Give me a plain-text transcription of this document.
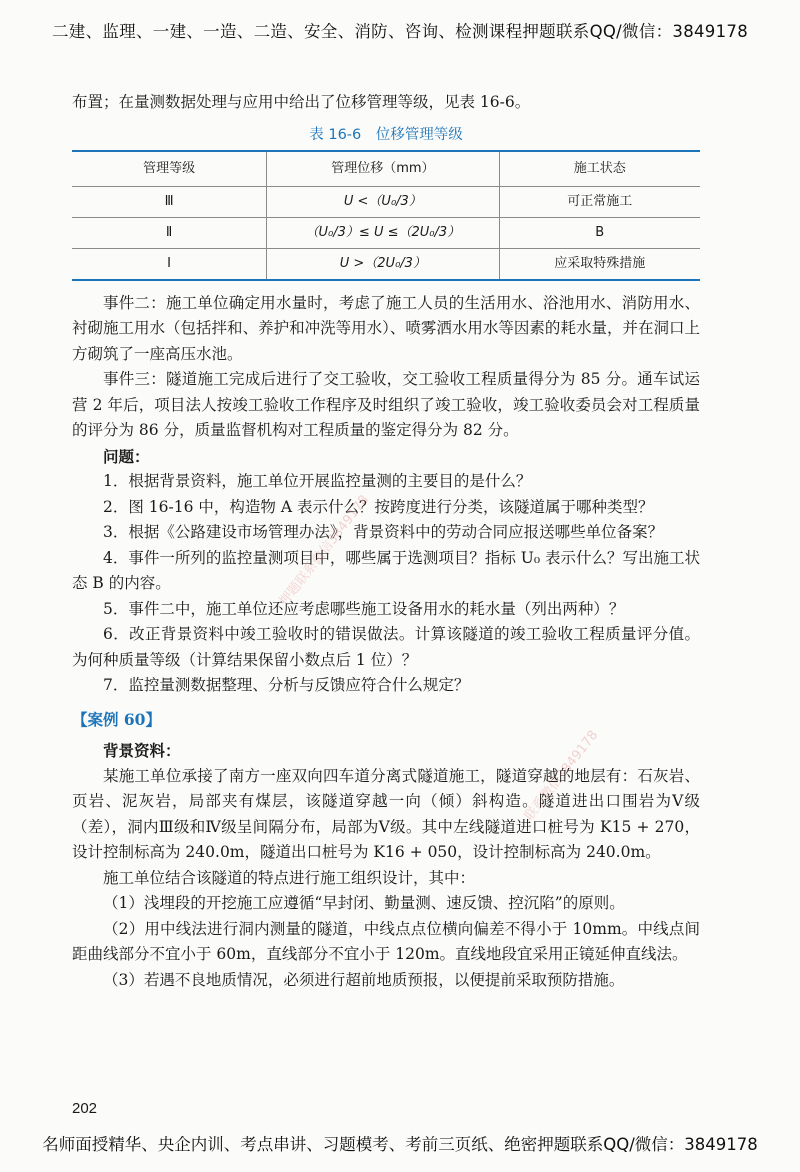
二建、监理、一建、一造、二造、安全、消防、咨询、检测课程押题联系QQ/微信：3849178

布置；在量测数据处理与应用中给出了位移管理等级，见表 16-6。

表 16-6　位移管理等级
管理等级	管理位移（mm）	施工状态
Ⅲ	U <（U₀/3）	可正常施工
Ⅱ	（U₀/3）≤ U ≤（2U₀/3）	B
Ⅰ	U >（2U₀/3）	应采取特殊措施

事件二：施工单位确定用水量时，考虑了施工人员的生活用水、浴池用水、消防用水、衬砌施工用水（包括拌和、养护和冲洗等用水）、喷雾洒水用水等因素的耗水量，并在洞口上方砌筑了一座高压水池。

事件三：隧道施工完成后进行了交工验收，交工验收工程质量得分为 85 分。通车试运营 2 年后，项目法人按竣工验收工作程序及时组织了竣工验收，竣工验收委员会对工程质量的评分为 86 分，质量监督机构对工程质量的鉴定得分为 82 分。

问题：

1．根据背景资料，施工单位开展监控量测的主要目的是什么？

2．图 16-16 中，构造物 A 表示什么？按跨度进行分类，该隧道属于哪种类型？

3．根据《公路建设市场管理办法》，背景资料中的劳动合同应报送哪些单位备案？

4．事件一所列的监控量测项目中，哪些属于选测项目？指标 U₀ 表示什么？写出施工状态 B 的内容。

5．事件二中，施工单位还应考虑哪些施工设备用水的耗水量（列出两种）？

6．改正背景资料中竣工验收时的错误做法。计算该隧道的竣工验收工程质量评分值。为何种质量等级（计算结果保留小数点后 1 位）？

7．监控量测数据整理、分析与反馈应符合什么规定？

【案例 60】

背景资料：

某施工单位承接了南方一座双向四车道分离式隧道施工，隧道穿越的地层有：石灰岩、页岩、泥灰岩，局部夹有煤层，该隧道穿越一向（倾）斜构造。隧道进出口围岩为Ⅴ级（差），洞内Ⅲ级和Ⅳ级呈间隔分布，局部为Ⅴ级。其中左线隧道进口桩号为 K15 + 270，设计控制标高为 240.0m，隧道出口桩号为 K16 + 050，设计控制标高为 240.0m。

施工单位结合该隧道的特点进行施工组织设计，其中：

（1）浅埋段的开挖施工应遵循“早封闭、勤量测、速反馈、控沉陷”的原则。

（2）用中线法进行洞内测量的隧道，中线点点位横向偏差不得小于 10mm。中线点间距曲线部分不宜小于 60m，直线部分不宜小于 120m。直线地段宜采用正镜延伸直线法。

（3）若遇不良地质情况，必须进行超前地质预报，以便提前采取预防措施。

押题联系微信3849178
联系微信3849178
202
名师面授精华、央企内训、考点串讲、习题模考、考前三页纸、绝密押题联系QQ/微信：3849178
